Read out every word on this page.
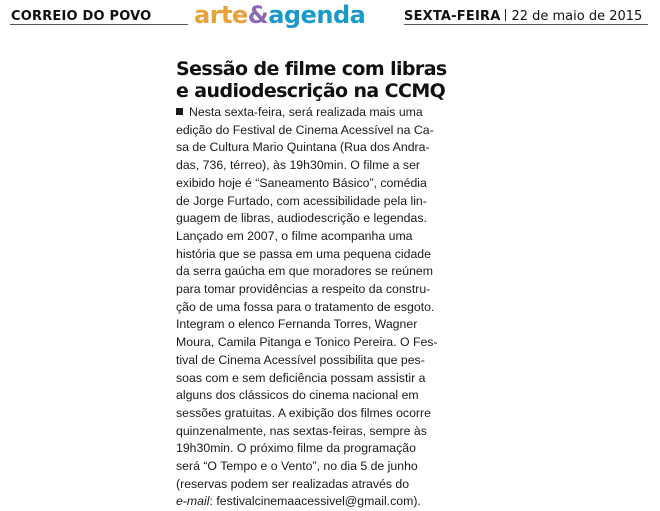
CORREIO DO POVO arte&agenda	SEXTA-FEIRA 22 de maio de 2015
Sessão de filme com libras
e audiodescrição na CCMQ
Nesta sexta-feira, será realizada mais uma
edição do Festival de Cinema Acessível na Ca-
sa de Cultura Mario Quintana (Rua dos Andra-
das, 736, térreo), às 19h30min. O filme a ser
exibido hoje é “Saneamento Básico”, comédia
de Jorge Furtado, com acessibilidade pela lin-
guagem de libras, audiodescrição e legendas.
Lançado em 2007, o filme acompanha uma
história que se passa em uma pequena cidade
da serra gaúcha em que moradores se reúnem
para tomar providências a respeito da constru-
ção de uma fossa para o tratamento de esgoto.
Integram o elenco Fernanda Torres, Wagner
Moura, Camila Pitanga e Tonico Pereira. O Fes-
tival de Cinema Acessível possibilita que pes-
soas com e sem deficiência possam assistir a
alguns dos clássicos do cinema nacional em
sessões gratuitas. A exibição dos filmes ocorre
quinzenalmente, nas sextas-feiras, sempre às
19h30min. O próximo filme da programação
será “O Tempo e o Vento”, no dia 5 de junho
(reservas podem ser realizadas através do
e-mail: festivalcinemaacessivel@gmail.com).
